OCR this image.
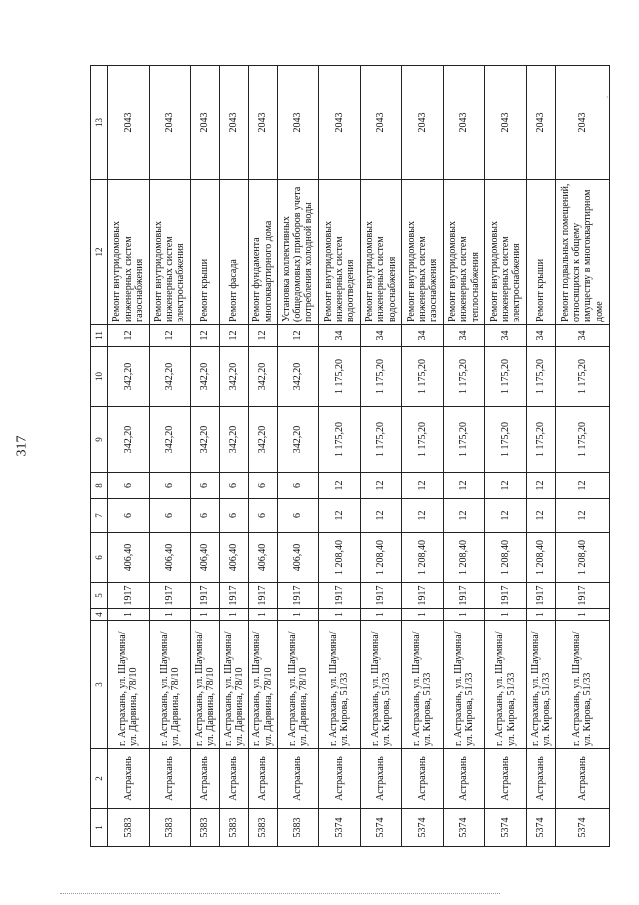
317
1	2	3	4	5	6	7	8	9	10	11	12	13
5383	Астрахань	г. Астрахань, ул. Шаумяна/ ул. Дарвина, 78/10	1	1917	406,40	6	6	342,20	342,20	12	Ремонт внутридомовых инженерных систем газоснабжения	2043
5383	Астрахань	г. Астрахань, ул. Шаумяна/ ул. Дарвина, 78/10	1	1917	406,40	6	6	342,20	342,20	12	Ремонт внутридомовых инженерных систем электроснабжения	2043
5383	Астрахань	г. Астрахань, ул. Шаумяна/ ул. Дарвина, 78/10	1	1917	406,40	6	6	342,20	342,20	12	Ремонт крыши	2043
5383	Астрахань	г. Астрахань, ул. Шаумяна/ ул. Дарвина, 78/10	1	1917	406,40	6	6	342,20	342,20	12	Ремонт фасада	2043
5383	Астрахань	г. Астрахань, ул. Шаумяна/ ул. Дарвина, 78/10	1	1917	406,40	6	6	342,20	342,20	12	Ремонт фундамента многоквартирного дома	2043
5383	Астрахань	г. Астрахань, ул. Шаумяна/ ул. Дарвина, 78/10	1	1917	406,40	6	6	342,20	342,20	12	Установка коллективных (общедомовых) приборов учета потребления холодной воды	2043
5374	Астрахань	г. Астрахань, ул. Шаумяна/ ул. Кирова, 51/33	1	1917	1 208,40	12	12	1 175,20	1 175,20	34	Ремонт внутридомовых инженерных систем водоотведения	2043
5374	Астрахань	г. Астрахань, ул. Шаумяна/ ул. Кирова, 51/33	1	1917	1 208,40	12	12	1 175,20	1 175,20	34	Ремонт внутридомовых инженерных систем водоснабжения	2043
5374	Астрахань	г. Астрахань, ул. Шаумяна/ ул. Кирова, 51/33	1	1917	1 208,40	12	12	1 175,20	1 175,20	34	Ремонт внутридомовых инженерных систем газоснабжения	2043
5374	Астрахань	г. Астрахань, ул. Шаумяна/ ул. Кирова, 51/33	1	1917	1 208,40	12	12	1 175,20	1 175,20	34	Ремонт внутридомовых инженерных систем теплоснабжения	2043
5374	Астрахань	г. Астрахань, ул. Шаумяна/ ул. Кирова, 51/33	1	1917	1 208,40	12	12	1 175,20	1 175,20	34	Ремонт внутридомовых инженерных систем электроснабжения	2043
5374	Астрахань	г. Астрахань, ул. Шаумяна/ ул. Кирова, 51/33	1	1917	1 208,40	12	12	1 175,20	1 175,20	34	Ремонт крыши	2043
5374	Астрахань	г. Астрахань, ул. Шаумяна/ ул. Кирова, 51/33	1	1917	1 208,40	12	12	1 175,20	1 175,20	34	Ремонт подвальных помещений, относящихся к общему имуществу в многоквартирном доме	2043
·
